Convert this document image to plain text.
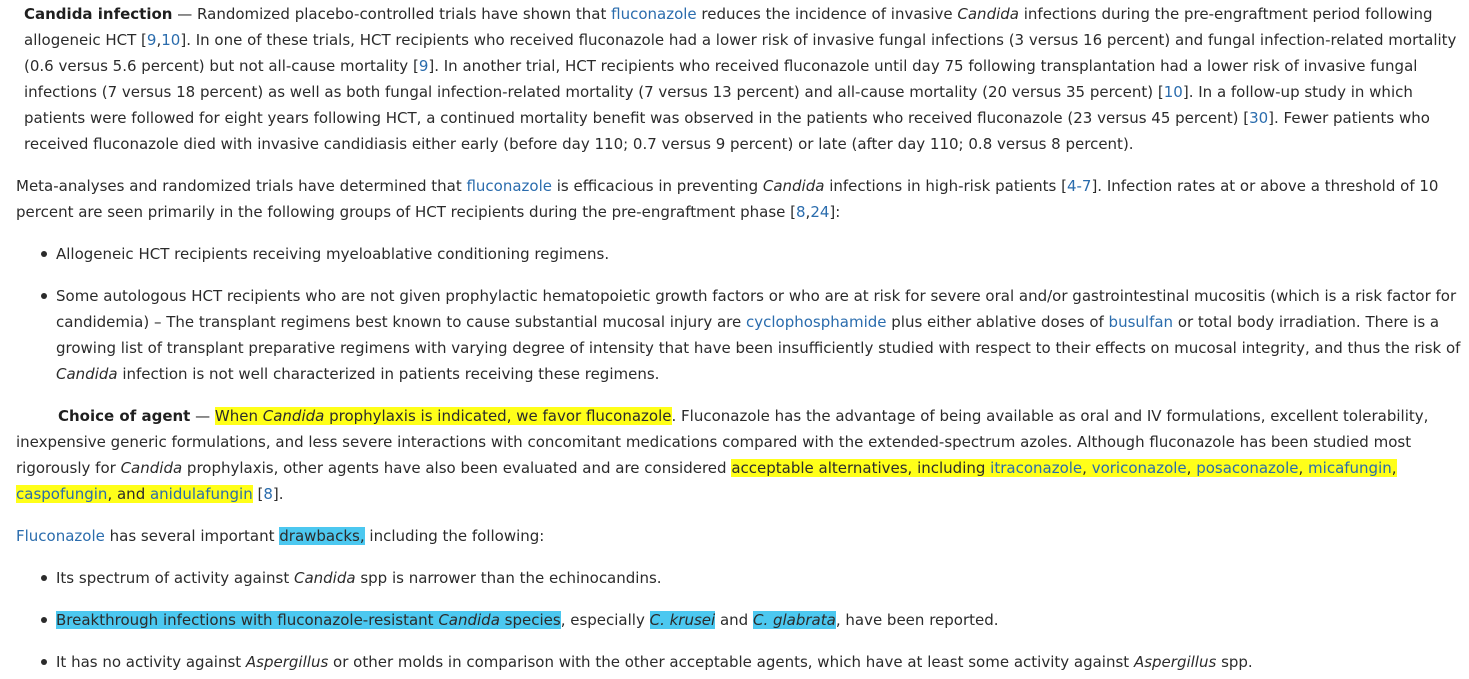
Candida infection — Randomized placebo-controlled trials have shown that fluconazole reduces the incidence of invasive Candida infections during the pre-engraftment period following allogeneic HCT [9,10]. In one of these trials, HCT recipients who received fluconazole had a lower risk of invasive fungal infections (3 versus 16 percent) and fungal infection-related mortality (0.6 versus 5.6 percent) but not all-cause mortality [9]. In another trial, HCT recipients who received fluconazole until day 75 following transplantation had a lower risk of invasive fungal infections (7 versus 18 percent) as well as both fungal infection-related mortality (7 versus 13 percent) and all-cause mortality (20 versus 35 percent) [10]. In a follow-up study in which patients were followed for eight years following HCT, a continued mortality benefit was observed in the patients who received fluconazole (23 versus 45 percent) [30]. Fewer patients who received fluconazole died with invasive candidiasis either early (before day 110; 0.7 versus 9 percent) or late (after day 110; 0.8 versus 8 percent).

Meta-analyses and randomized trials have determined that fluconazole is efficacious in preventing Candida infections in high-risk patients [4-7]. Infection rates at or above a threshold of 10 percent are seen primarily in the following groups of HCT recipients during the pre-engraftment phase [8,24]:

Allogeneic HCT recipients receiving myeloablative conditioning regimens.
Some autologous HCT recipients who are not given prophylactic hematopoietic growth factors or who are at risk for severe oral and/or gastrointestinal mucositis (which is a risk factor for candidemia) – The transplant regimens best known to cause substantial mucosal injury are cyclophosphamide plus either ablative doses of busulfan or total body irradiation. There is a growing list of transplant preparative regimens with varying degree of intensity that have been insufficiently studied with respect to their effects on mucosal integrity, and thus the risk of Candida infection is not well characterized in patients receiving these regimens.

Choice of agent — When Candida prophylaxis is indicated, we favor fluconazole. Fluconazole has the advantage of being available as oral and IV formulations, excellent tolerability, inexpensive generic formulations, and less severe interactions with concomitant medications compared with the extended-spectrum azoles. Although fluconazole has been studied most rigorously for Candida prophylaxis, other agents have also been evaluated and are considered acceptable alternatives, including itraconazole, voriconazole, posaconazole, micafungin, caspofungin, and anidulafungin [8].

Fluconazole has several important drawbacks, including the following:

Its spectrum of activity against Candida spp is narrower than the echinocandins.
Breakthrough infections with fluconazole-resistant Candida species, especially C. krusei and C. glabrata, have been reported.
It has no activity against Aspergillus or other molds in comparison with the other acceptable agents, which have at least some activity against Aspergillus spp.
